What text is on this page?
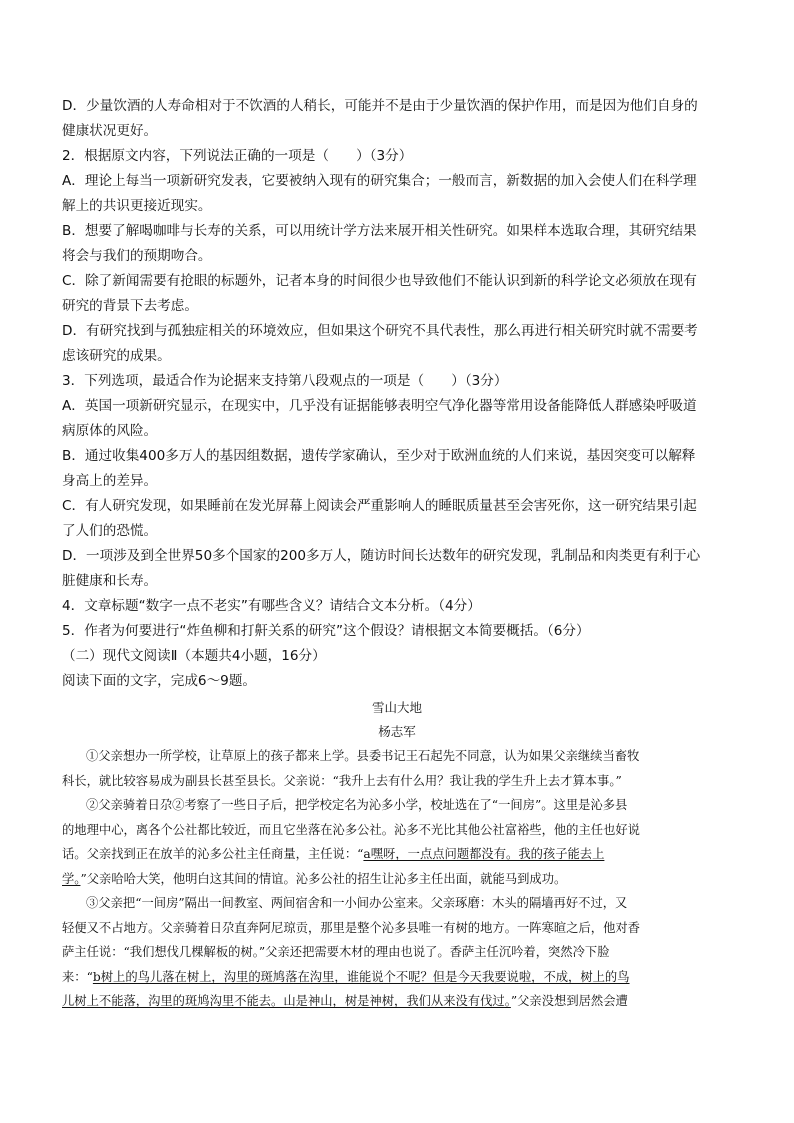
D．少量饮酒的人寿命相对于不饮酒的人稍长，可能并不是由于少量饮酒的保护作用，而是因为他们自身的
健康状况更好。
2．根据原文内容，下列说法正确的一项是（　　）（3分）
A．理论上每当一项新研究发表，它要被纳入现有的研究集合；一般而言，新数据的加入会使人们在科学理
解上的共识更接近现实。
B．想要了解喝咖啡与长寿的关系，可以用统计学方法来展开相关性研究。如果样本选取合理，其研究结果
将会与我们的预期吻合。
C．除了新闻需要有抢眼的标题外，记者本身的时间很少也导致他们不能认识到新的科学论文必须放在现有
研究的背景下去考虑。
D．有研究找到与孤独症相关的环境效应，但如果这个研究不具代表性，那么再进行相关研究时就不需要考
虑该研究的成果。
3．下列选项，最适合作为论据来支持第八段观点的一项是（　　）（3分）
A．英国一项新研究显示，在现实中，几乎没有证据能够表明空气净化器等常用设备能降低人群感染呼吸道
病原体的风险。
B．通过收集400多万人的基因组数据，遗传学家确认，至少对于欧洲血统的人们来说，基因突变可以解释
身高上的差异。
C．有人研究发现，如果睡前在发光屏幕上阅读会严重影响人的睡眠质量甚至会害死你，这一研究结果引起
了人们的恐慌。
D．一项涉及到全世界50多个国家的200多万人，随访时间长达数年的研究发现，乳制品和肉类更有利于心
脏健康和长寿。
4．文章标题“数字一点不老实”有哪些含义？请结合文本分析。（4分）
5．作者为何要进行“炸鱼柳和打鼾关系的研究”这个假设？请根据文本简要概括。（6分）
（二）现代文阅读Ⅱ（本题共4小题，16分）
阅读下面的文字，完成6～9题。
雪山大地
杨志军
①父亲想办一所学校，让草原上的孩子都来上学。县委书记王石起先不同意，认为如果父亲继续当畜牧
科长，就比较容易成为副县长甚至县长。父亲说：“我升上去有什么用？我让我的学生升上去才算本事。”
②父亲骑着日尕②考察了一些日子后，把学校定名为沁多小学，校址选在了“一间房”。这里是沁多县
的地理中心，离各个公社都比较近，而且它坐落在沁多公社。沁多不光比其他公社富裕些，他的主任也好说
话。父亲找到正在放羊的沁多公社主任商量，主任说：“a嘿呀，一点点问题都没有。我的孩子能去上
学。”父亲哈哈大笑，他明白这其间的情谊。沁多公社的招生让沁多主任出面，就能马到成功。
③父亲把“一间房”隔出一间教室、两间宿舍和一小间办公室来。父亲琢磨：木头的隔墙再好不过，又
轻便又不占地方。父亲骑着日尕直奔阿尼琼贡，那里是整个沁多县唯一有树的地方。一阵寒暄之后，他对香
萨主任说：“我们想伐几棵解板的树。”父亲还把需要木材的理由也说了。香萨主任沉吟着，突然冷下脸
来：“b树上的鸟儿落在树上，沟里的斑鸠落在沟里，谁能说个不呢？但是今天我要说啦，不成，树上的鸟
儿树上不能落，沟里的斑鸠沟里不能去。山是神山，树是神树，我们从来没有伐过。”父亲没想到居然会遭
